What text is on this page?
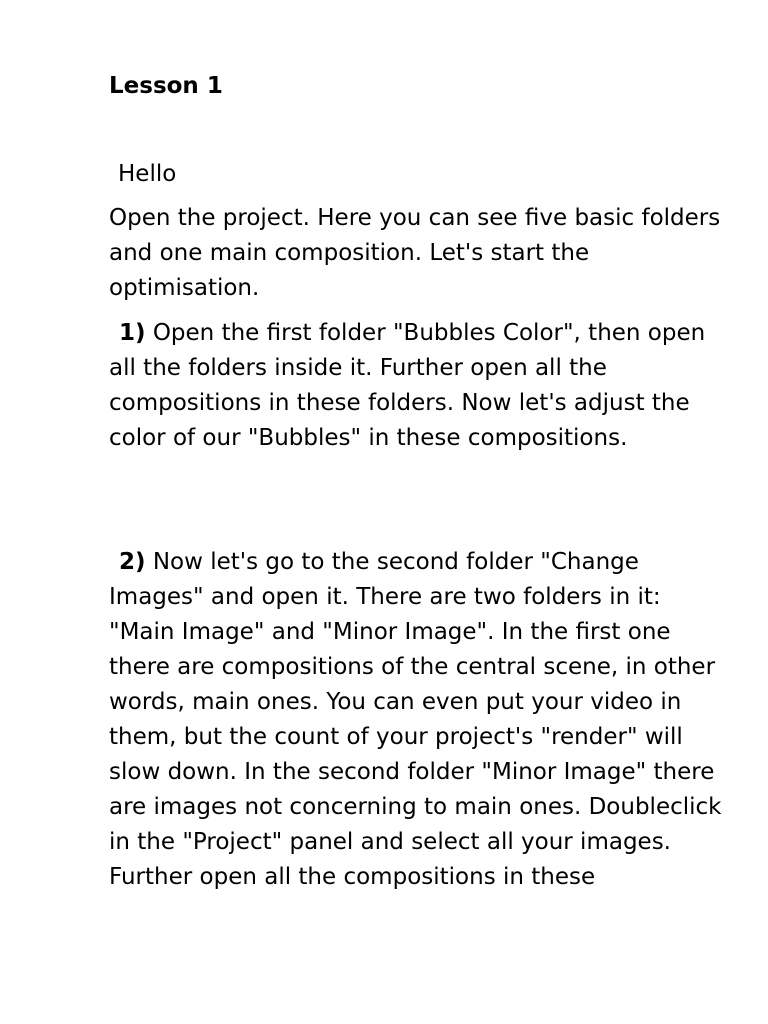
Lesson 1

Hello

Open the project. Here you can see five basic folders and one main composition. Let's start the optimisation.

1) Open the first folder "Bubbles Color", then open all the folders inside it. Further open all the compositions in these folders. Now let's adjust the color of our "Bubbles" in these compositions.

2) Now let's go to the second folder "Change Images" and open it. There are two folders in it: "Main Image" and "Minor Image". In the first one there are compositions of the central scene, in other words, main ones. You can even put your video in them, but the count of your project's "render" will slow down. In the second folder "Minor Image" there are images not concerning to main ones. Doubleclick in the "Project" panel and select all your images. Further open all the compositions in these
